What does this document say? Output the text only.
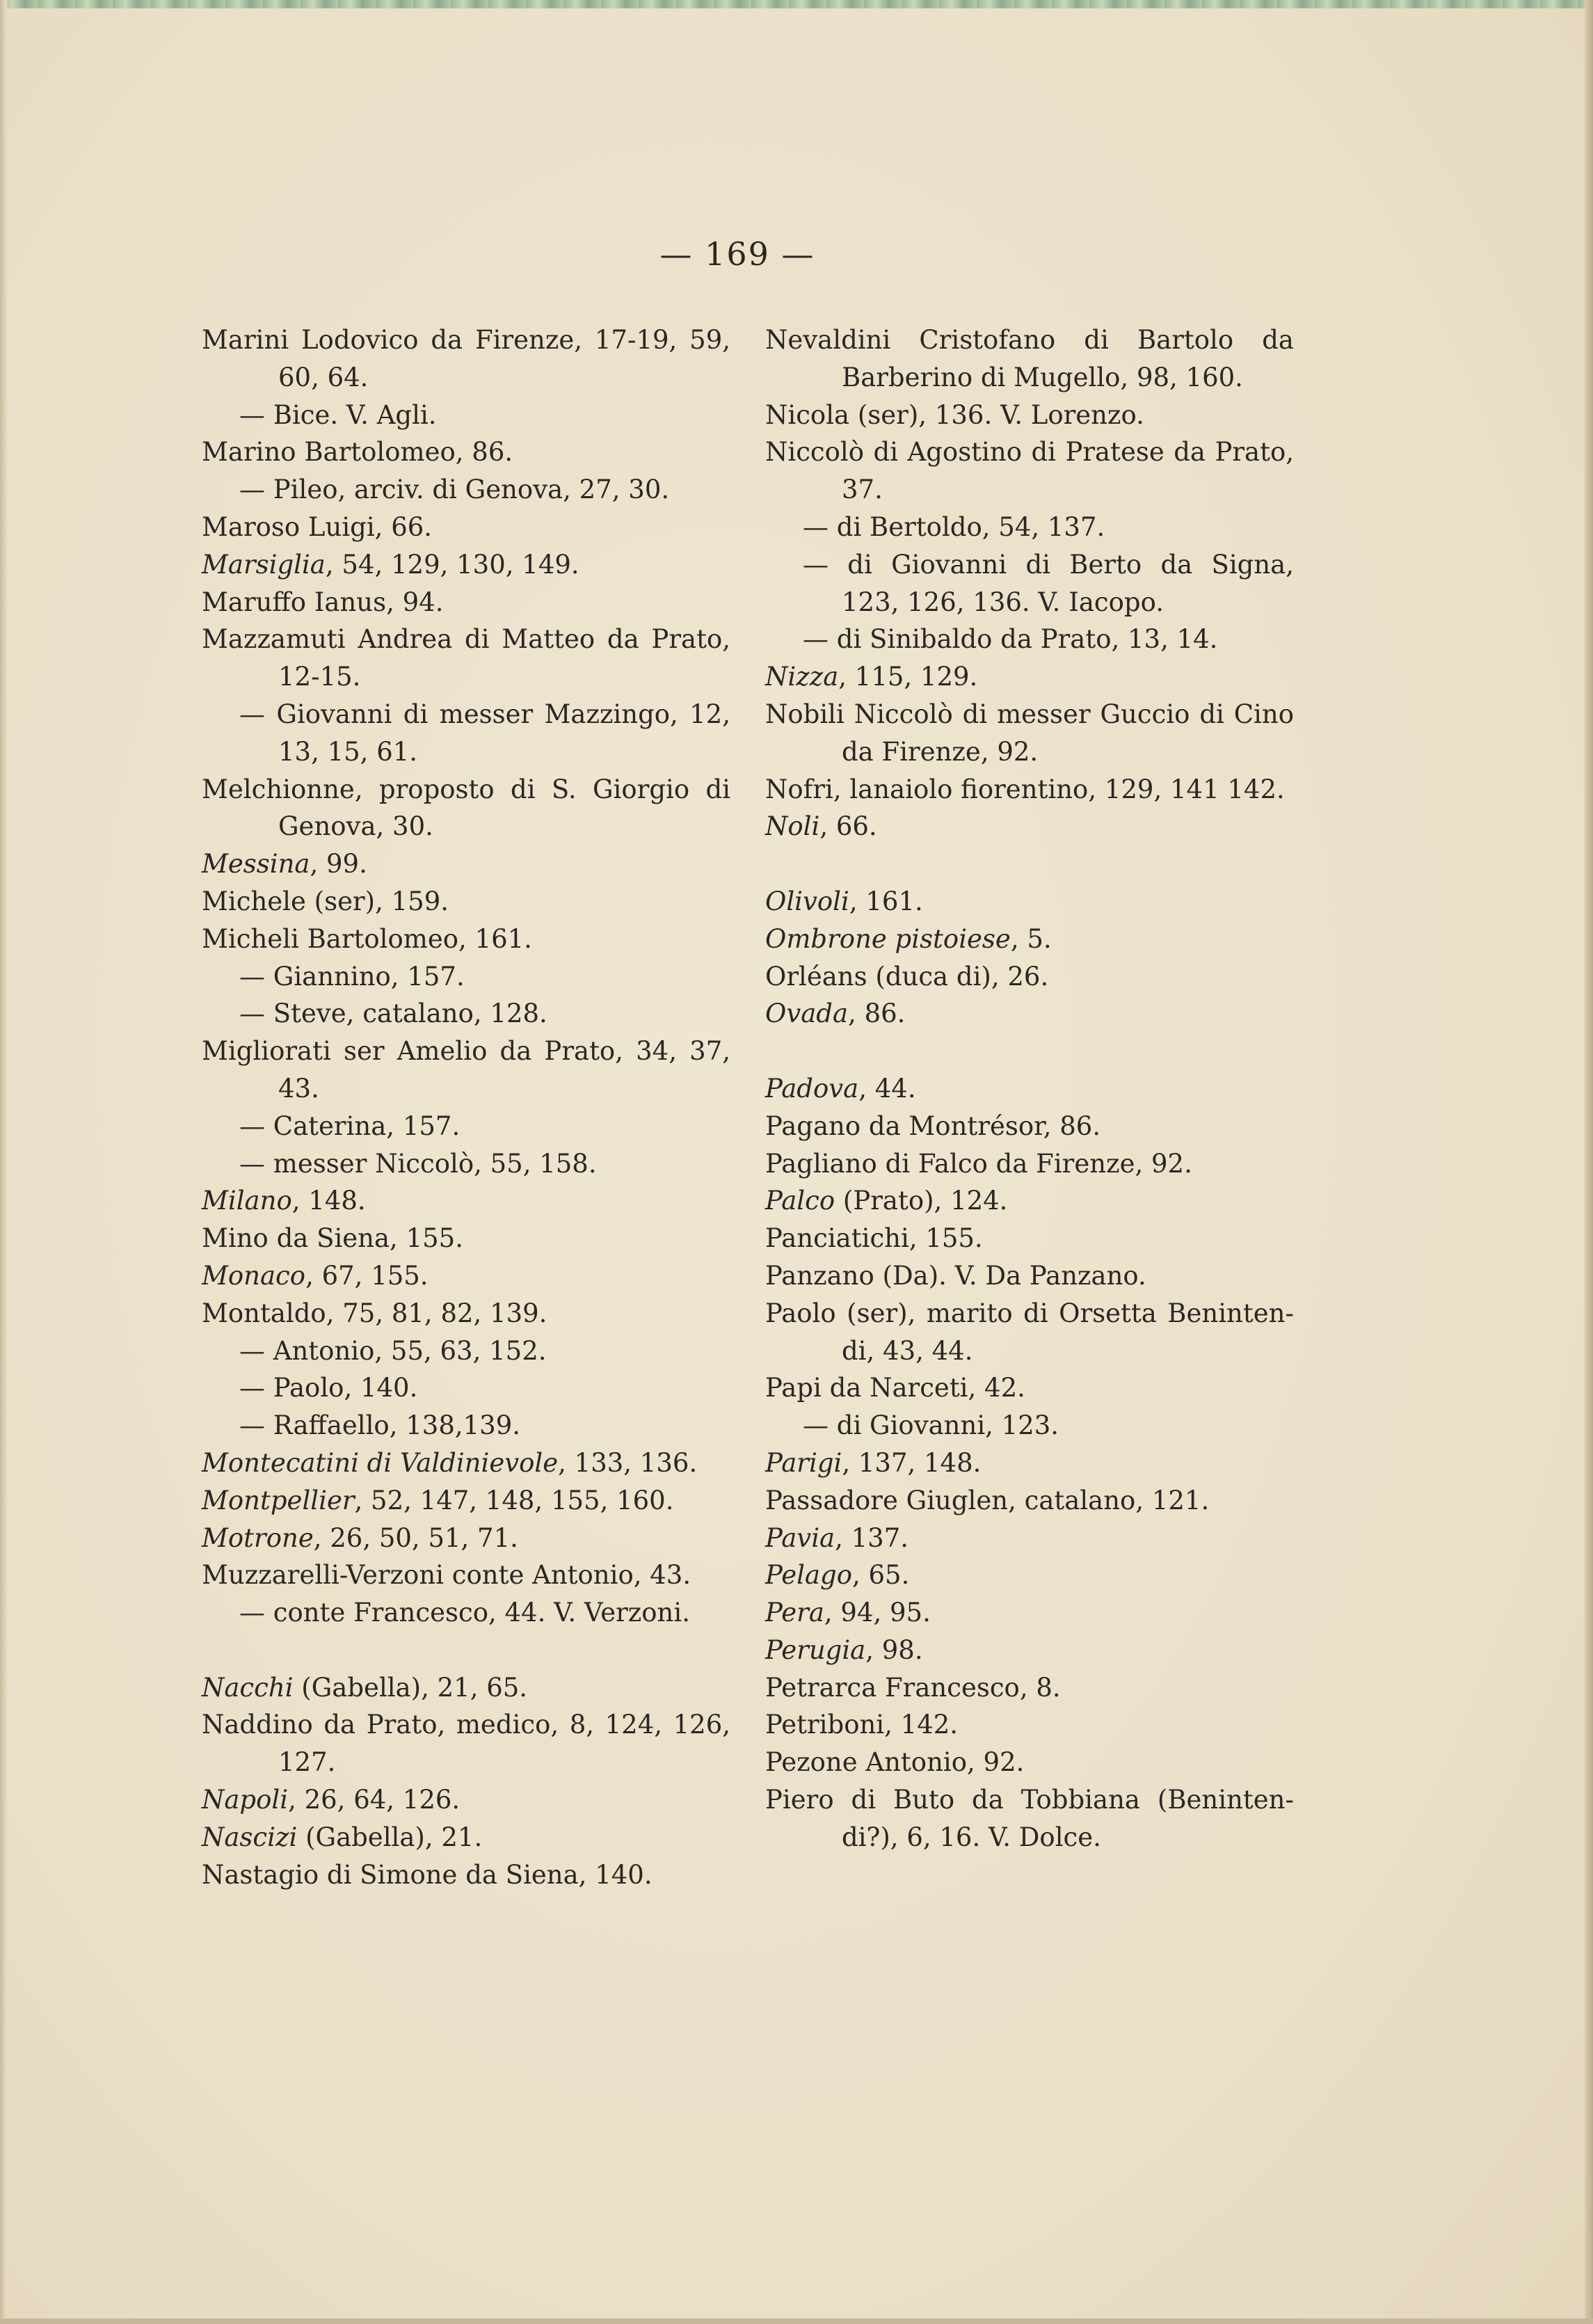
— 169 —
Marini Lodovico da Firenze, 17-19, 59, 60, 64.
— Bice. V. Agli.
Marino Bartolomeo, 86.
— Pileo, arciv. di Genova, 27, 30.
Maroso Luigi, 66.
Marsiglia, 54, 129, 130, 149.
Maruffo Ianus, 94.
Mazzamuti Andrea di Matteo da Prato, 12-15.
— Giovanni di messer Mazzingo, 12, 13, 15, 61.
Melchionne, proposto di S. Giorgio di Genova, 30.
Messina, 99.
Michele (ser), 159.
Micheli Bartolomeo, 161.
— Giannino, 157.
— Steve, catalano, 128.
Migliorati ser Amelio da Prato, 34, 37, 43.
— Caterina, 157.
— messer Niccolò, 55, 158.
Milano, 148.
Mino da Siena, 155.
Monaco, 67, 155.
Montaldo, 75, 81, 82, 139.
— Antonio, 55, 63, 152.
— Paolo, 140.
— Raffaello, 138,139.
Montecatini di Valdinievole, 133, 136.
Montpellier, 52, 147, 148, 155, 160.
Motrone, 26, 50, 51, 71.
Muzzarelli-Verzoni conte Antonio, 43.
— conte Francesco, 44. V. Verzoni.
Nacchi (Gabella), 21, 65.
Naddino da Prato, medico, 8, 124, 126, 127.
Napoli, 26, 64, 126.
Nascizi (Gabella), 21.
Nastagio di Simone da Siena, 140.
Nevaldini Cristofano di Bartolo da Barberino di Mugello, 98, 160.
Nicola (ser), 136. V. Lorenzo.
Niccolò di Agostino di Pratese da Prato, 37.
— di Bertoldo, 54, 137.
— di Giovanni di Berto da Signa, 123, 126, 136. V. Iacopo.
— di Sinibaldo da Prato, 13, 14.
Nizza, 115, 129.
Nobili Niccolò di messer Guccio di Cino da Firenze, 92.
Nofri, lanaiolo fiorentino, 129, 141 142.
Noli, 66.
Olivoli, 161.
Ombrone pistoiese, 5.
Orléans (duca di), 26.
Ovada, 86.
Padova, 44.
Pagano da Montrésor, 86.
Pagliano di Falco da Firenze, 92.
Palco (Prato), 124.
Panciatichi, 155.
Panzano (Da). V. Da Panzano.
Paolo (ser), marito di Orsetta Beninten-di, 43, 44.
Papi da Narceti, 42.
— di Giovanni, 123.
Parigi, 137, 148.
Passadore Giuglen, catalano, 121.
Pavia, 137.
Pelago, 65.
Pera, 94, 95.
Perugia, 98.
Petrarca Francesco, 8.
Petriboni, 142.
Pezone Antonio, 92.
Piero di Buto da Tobbiana (Beninten-di?), 6, 16. V. Dolce.
